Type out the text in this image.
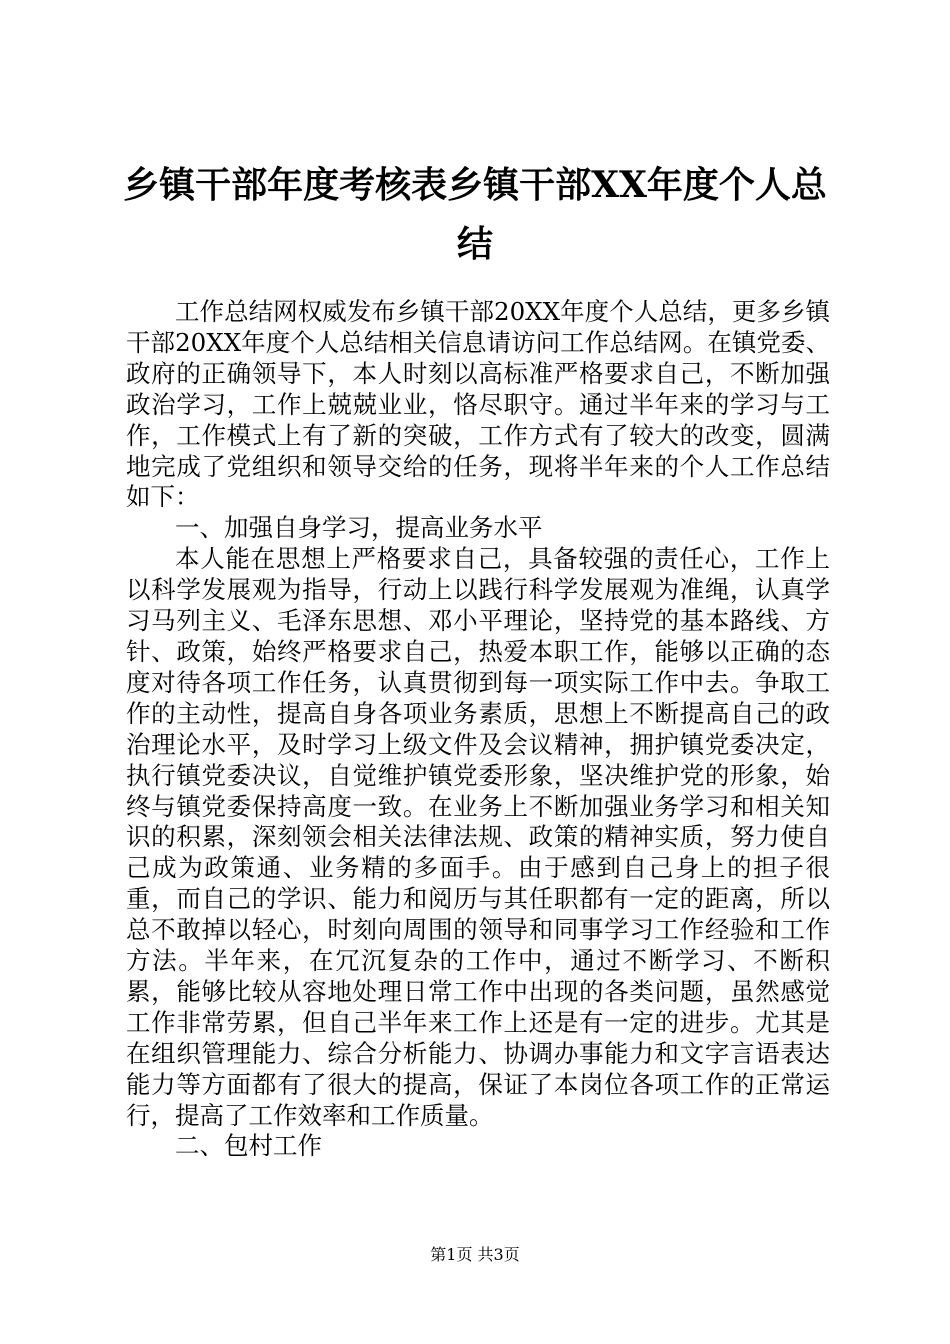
乡镇干部年度考核表乡镇干部XX年度个人总结

工作总结网权威发布乡镇干部20XX年度个人总结，更多乡镇干部20XX年度个人总结相关信息请访问工作总结网。在镇党委、政府的正确领导下，本人时刻以高标准严格要求自己，不断加强政治学习，工作上兢兢业业，恪尽职守。通过半年来的学习与工作，工作模式上有了新的突破，工作方式有了较大的改变，圆满地完成了党组织和领导交给的任务，现将半年来的个人工作总结如下：

一、加强自身学习，提高业务水平

本人能在思想上严格要求自己，具备较强的责任心，工作上以科学发展观为指导，行动上以践行科学发展观为准绳，认真学习马列主义、毛泽东思想、邓小平理论，坚持党的基本路线、方针、政策，始终严格要求自己，热爱本职工作，能够以正确的态度对待各项工作任务，认真贯彻到每一项实际工作中去。争取工作的主动性，提高自身各项业务素质，思想上不断提高自己的政治理论水平，及时学习上级文件及会议精神，拥护镇党委决定，执行镇党委决议，自觉维护镇党委形象，坚决维护党的形象，始终与镇党委保持高度一致。在业务上不断加强业务学习和相关知识的积累，深刻领会相关法律法规、政策的精神实质，努力使自己成为政策通、业务精的多面手。由于感到自己身上的担子很重，而自己的学识、能力和阅历与其任职都有一定的距离，所以总不敢掉以轻心，时刻向周围的领导和同事学习工作经验和工作方法。半年来，在冗沉复杂的工作中，通过不断学习、不断积累，能够比较从容地处理日常工作中出现的各类问题，虽然感觉工作非常劳累，但自己半年来工作上还是有一定的进步。尤其是在组织管理能力、综合分析能力、协调办事能力和文字言语表达能力等方面都有了很大的提高，保证了本岗位各项工作的正常运行，提高了工作效率和工作质量。

二、包村工作

第1页 共3页
